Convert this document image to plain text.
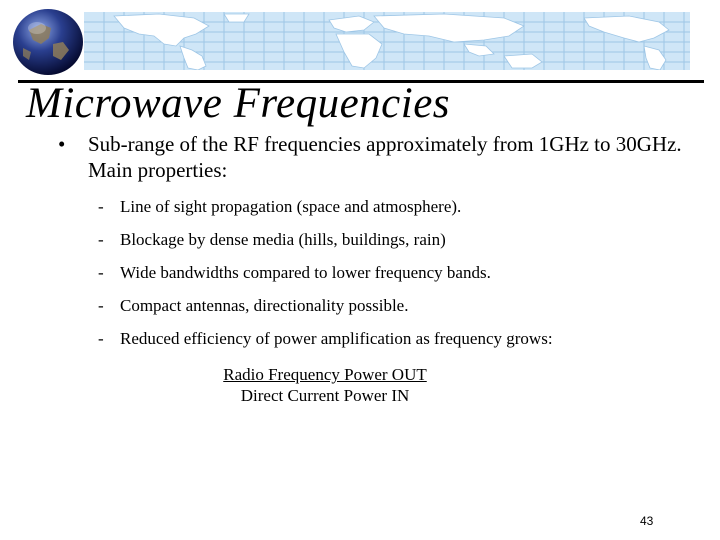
Microwave Frequencies
• Sub-range of the RF frequencies approximately from 1GHz to 30GHz. Main properties:
- Line of sight propagation (space and atmosphere).
- Blockage by dense media (hills, buildings, rain)
- Wide bandwidths compared to lower frequency bands.
- Compact antennas, directionality possible.
- Reduced efficiency of power amplification as frequency grows:
Radio Frequency Power OUT
Direct Current Power IN
43
